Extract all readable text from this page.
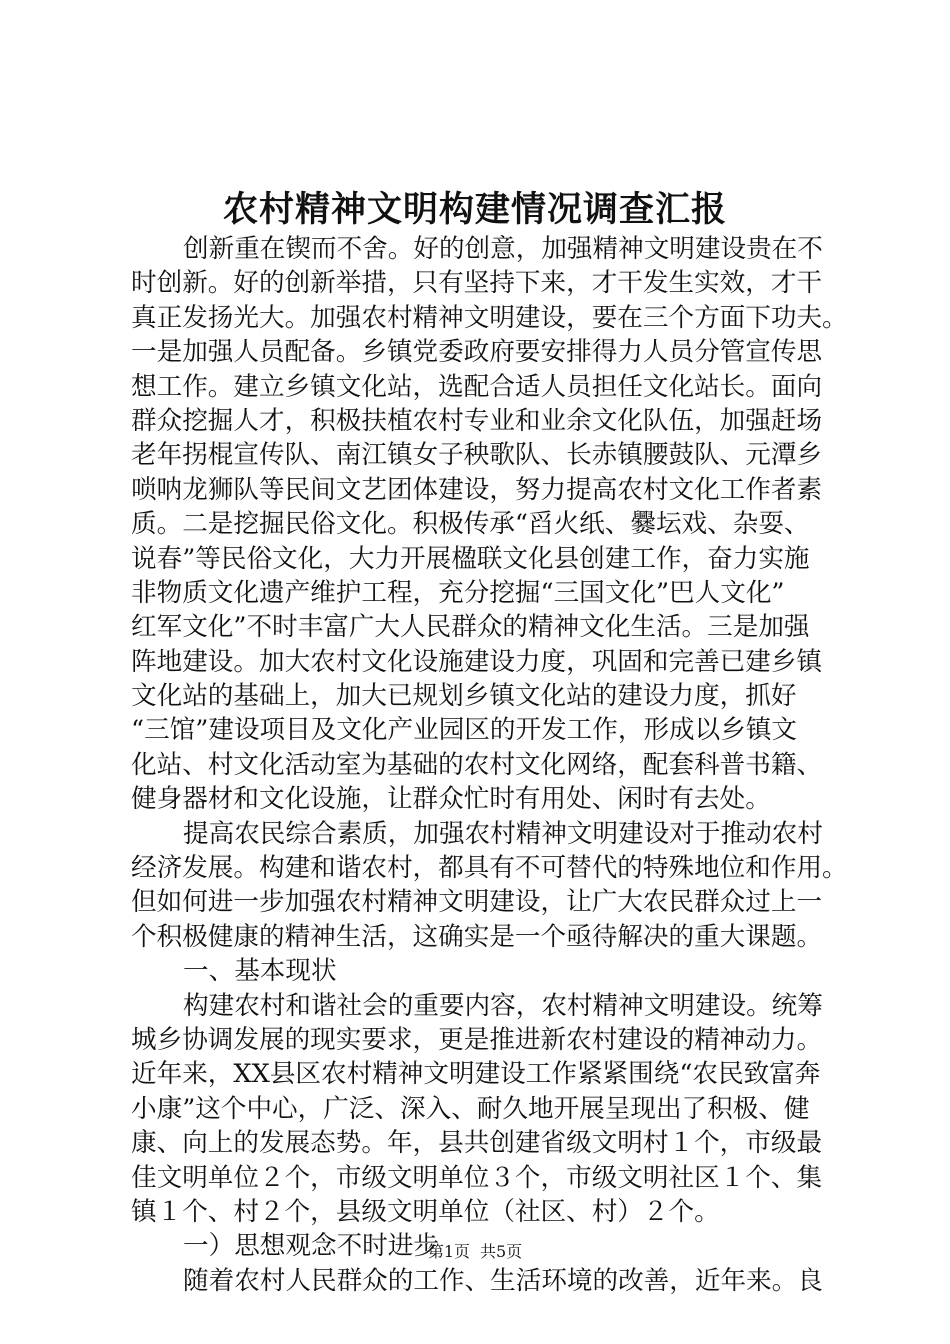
农村精神文明构建情况调查汇报

创新重在锲而不舍。好的创意，加强精神文明建设贵在不

时创新。好的创新举措，只有坚持下来，才干发生实效，才干

真正发扬光大。加强农村精神文明建设，要在三个方面下功夫。

一是加强人员配备。乡镇党委政府要安排得力人员分管宣传思

想工作。建立乡镇文化站，选配合适人员担任文化站长。面向

群众挖掘人才，积极扶植农村专业和业余文化队伍，加强赶场

老年拐棍宣传队、南江镇女子秧歌队、长赤镇腰鼓队、元潭乡

唢呐龙狮队等民间文艺团体建设，努力提高农村文化工作者素

质。二是挖掘民俗文化。积极传承“舀火纸、爨坛戏、杂耍、

说春”等民俗文化，大力开展楹联文化县创建工作，奋力实施

非物质文化遗产维护工程，充分挖掘“三国文化”巴人文化”

红军文化”不时丰富广大人民群众的精神文化生活。三是加强

阵地建设。加大农村文化设施建设力度，巩固和完善已建乡镇

文化站的基础上，加大已规划乡镇文化站的建设力度，抓好

“三馆”建设项目及文化产业园区的开发工作，形成以乡镇文

化站、村文化活动室为基础的农村文化网络，配套科普书籍、

健身器材和文化设施，让群众忙时有用处、闲时有去处。

提高农民综合素质，加强农村精神文明建设对于推动农村

经济发展。构建和谐农村，都具有不可替代的特殊地位和作用。

但如何进一步加强农村精神文明建设，让广大农民群众过上一

个积极健康的精神生活，这确实是一个亟待解决的重大课题。

一、基本现状

构建农村和谐社会的重要内容，农村精神文明建设。统筹

城乡协调发展的现实要求，更是推进新农村建设的精神动力。

近年来，XX县区农村精神文明建设工作紧紧围绕“农民致富奔

小康”这个中心，广泛、深入、耐久地开展呈现出了积极、健

康、向上的发展态势。年，县共创建省级文明村１个，市级最

佳文明单位２个，市级文明单位３个，市级文明社区１个、集

镇１个、村２个，县级文明单位（社区、村）２个。

一）思想观念不时进步

随着农村人民群众的工作、生活环境的改善，近年来。良

第1页 共5页
